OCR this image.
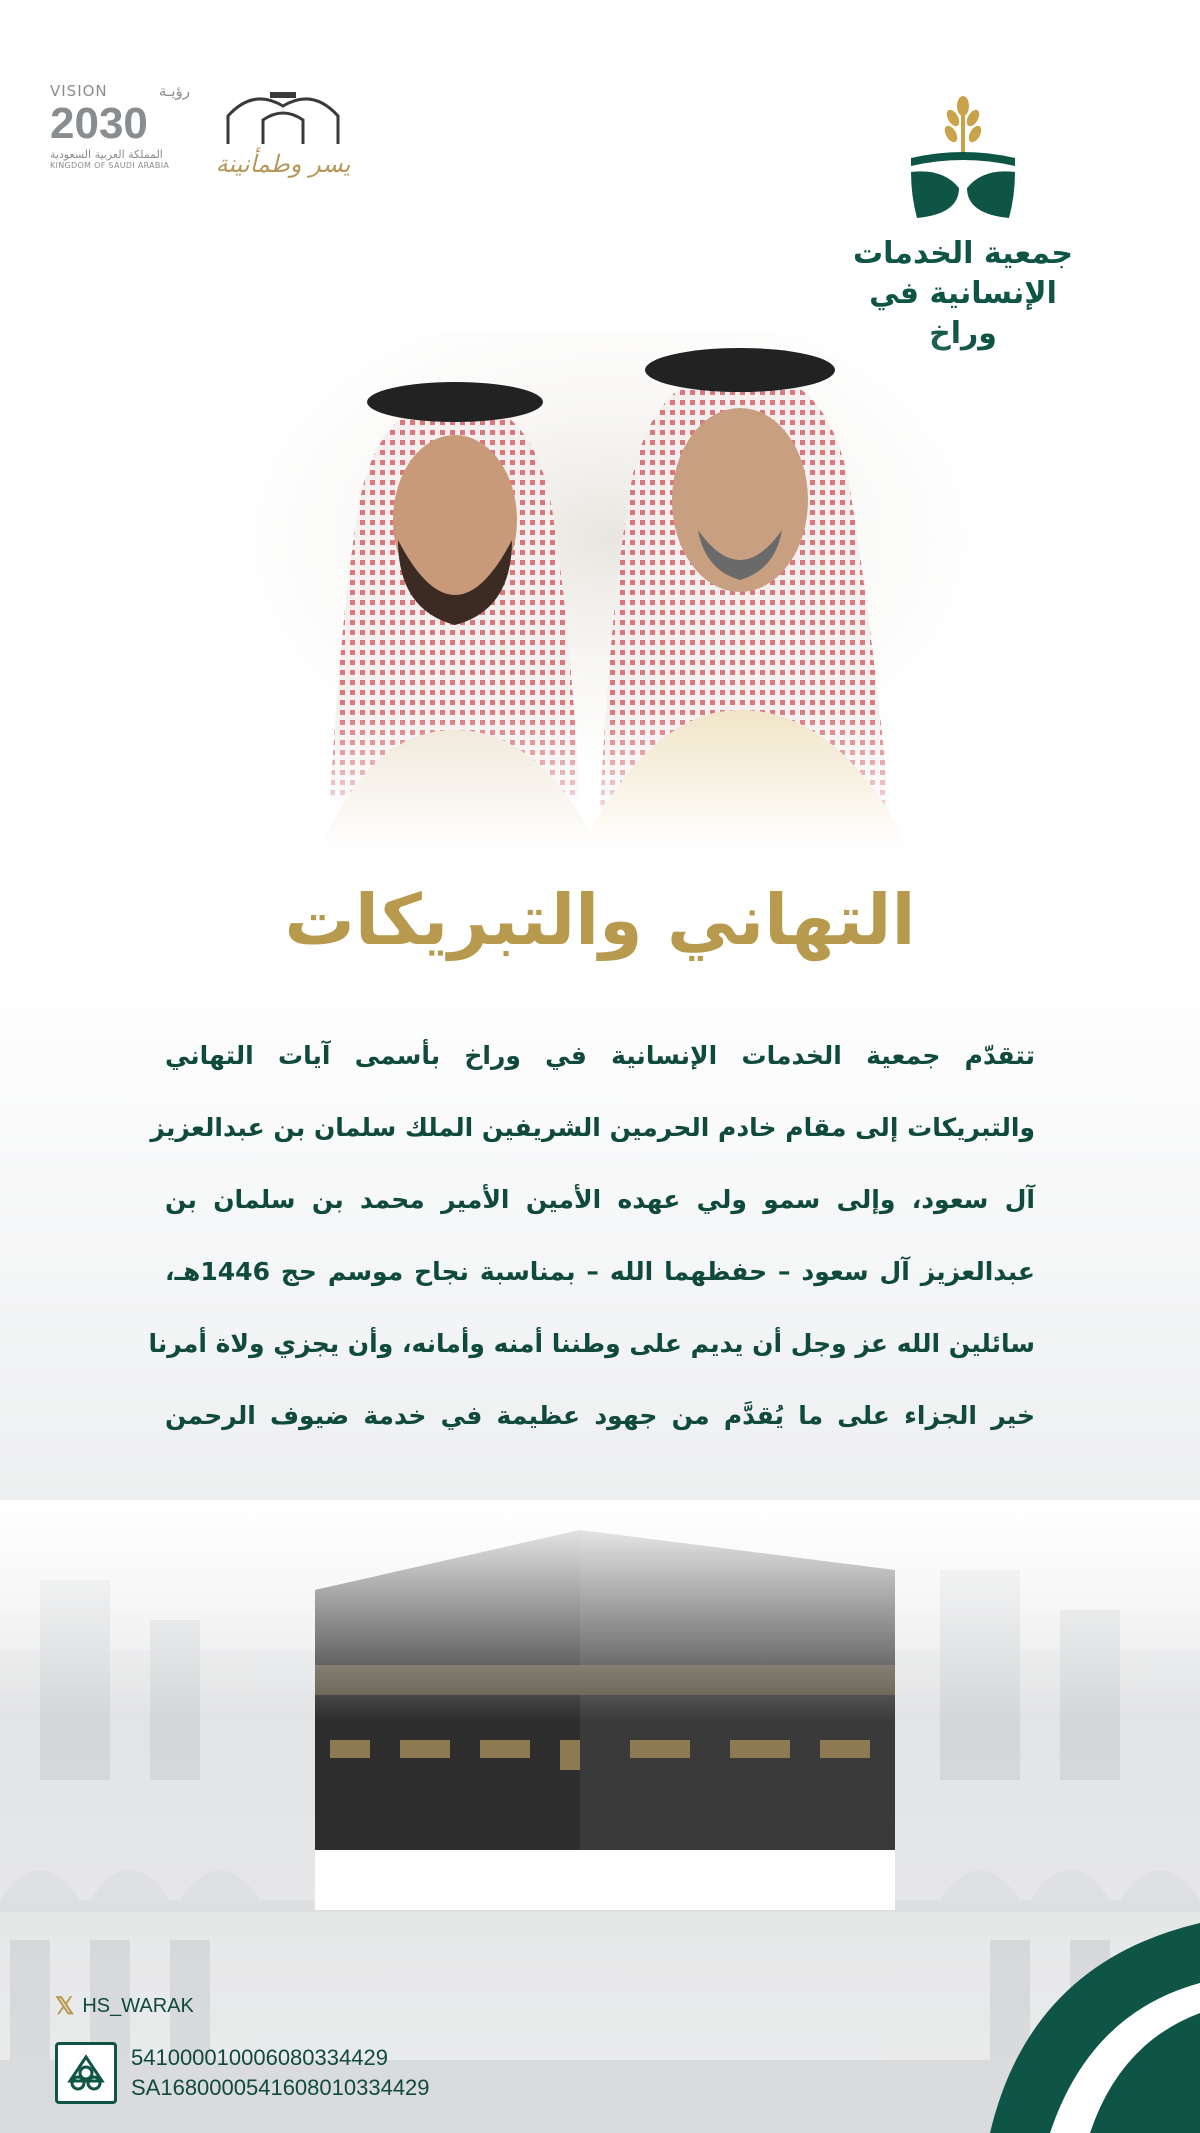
جمعية الخدمات
الإنسانية في
VISION	رؤيـة
2030
المملكة العربية السعودية
KINGDOM OF SAUDI ARABIA	يسر وطمأنينة
التهاني والتبريكات
تتقدّم جمعية الخدمات الإنسانية في وراخ بأسمى آيات التهاني
والتبريكات إلى مقام خادم الحرمين الشريفين الملك سلمان بن عبدالعزيز
آل سعود، وإلى سمو ولي عهده الأمين الأمير محمد بن سلمان بن
عبدالعزيز آل سعود – حفظهما الله – بمناسبة نجاح موسم حج 1446هـ،
سائلين الله عز وجل أن يديم على وطننا أمنه وأمانه، وأن يجزي ولاة أمرنا
خير الجزاء على ما يُقدَّم من جهود عظيمة في خدمة ضيوف الرحمن
𝕏 HS_WARAK
541000010006080334429
SA1680000541608010334429
